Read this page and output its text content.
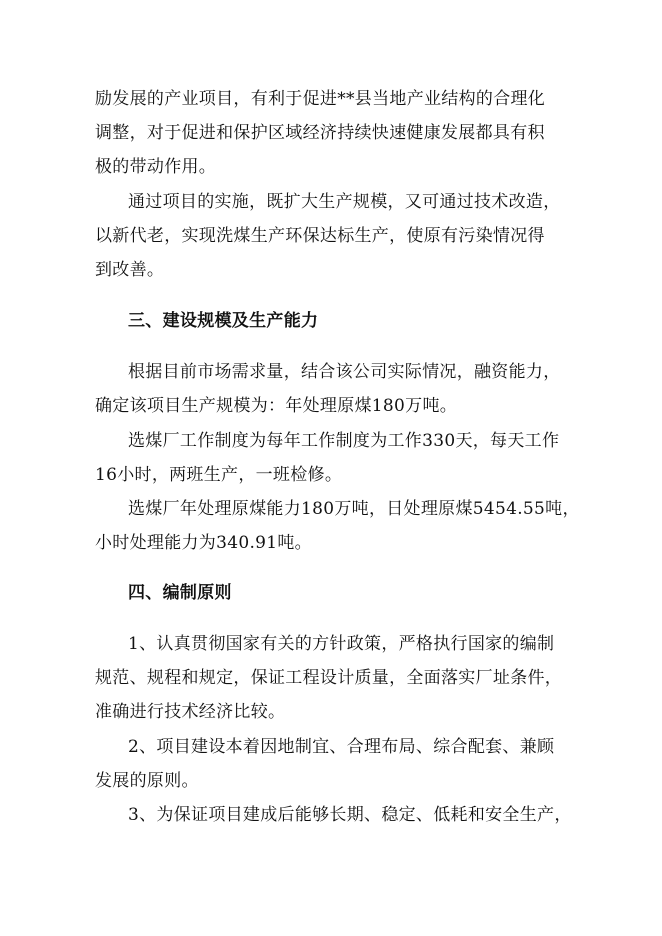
励发展的产业项目，有利于促进**县当地产业结构的合理化
调整，对于促进和保护区域经济持续快速健康发展都具有积
极的带动作用。
通过项目的实施，既扩大生产规模，又可通过技术改造，
以新代老，实现洗煤生产环保达标生产，使原有污染情况得
到改善。
三、建设规模及生产能力
根据目前市场需求量，结合该公司实际情况，融资能力，
确定该项目生产规模为：年处理原煤180万吨。
选煤厂工作制度为每年工作制度为工作330天，每天工作
16小时，两班生产，一班检修。
选煤厂年处理原煤能力180万吨，日处理原煤5454.55吨，
小时处理能力为340.91吨。
四、编制原则
1、认真贯彻国家有关的方针政策，严格执行国家的编制
规范、规程和规定，保证工程设计质量，全面落实厂址条件，
准确进行技术经济比较。
2、项目建设本着因地制宜、合理布局、综合配套、兼顾
发展的原则。
3、为保证项目建成后能够长期、稳定、低耗和安全生产，
